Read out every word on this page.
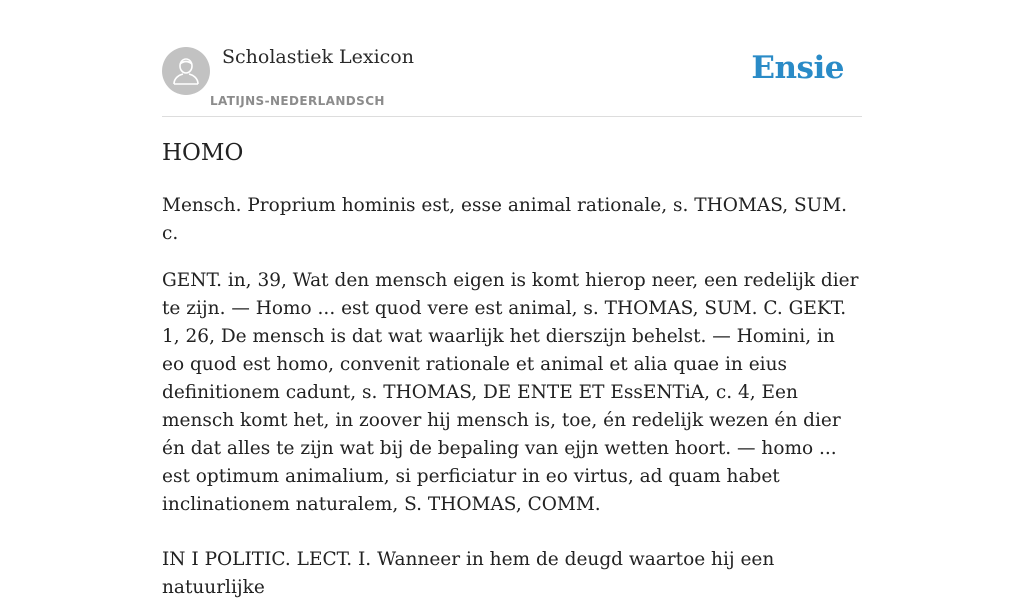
Scholastiek Lexicon
LATIJNS-NEDERLANDSCH
Ensie
HOMO

Mensch. Proprium hominis est, esse animal rationale, s. THOMAS, SUM. c.

GENT. in, 39, Wat den mensch eigen is komt hierop neer, een redelijk dier te zijn. — Homo ... est quod vere est animal, s. THOMAS, SUM. C. GEKT. 1, 26, De mensch is dat wat waarlijk het dierszijn behelst. — Homini, in eo quod est homo, convenit rationale et animal et alia quae in eius definitionem cadunt, s. THOMAS, DE ENTE ET EssENTiA, c. 4, Een mensch komt het, in zoover hij mensch is, toe, én redelijk wezen én dier én dat alles te zijn wat bij de bepaling van ejjn wetten hoort. — homo ... est optimum animalium, si perficiatur in eo virtus, ad quam habet inclinationem naturalem, S. THOMAS, COMM.

IN I POLITIC. LECT. I. Wanneer in hem de deugd waartoe hij een natuurlijke
